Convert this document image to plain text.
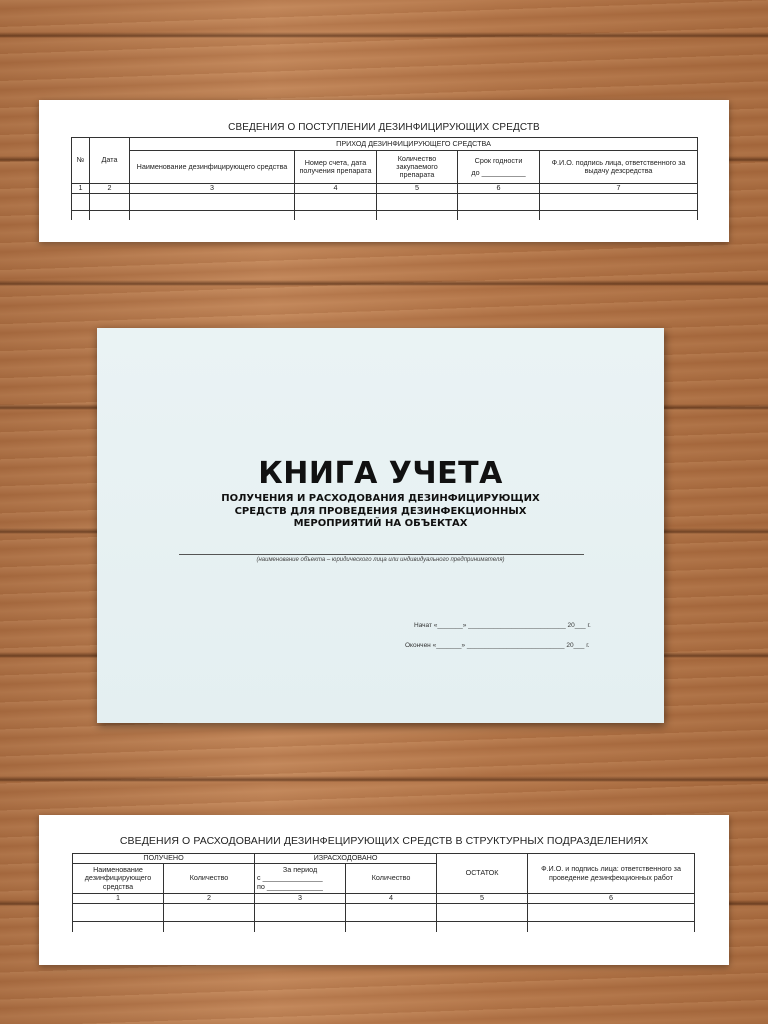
СВЕДЕНИЯ О ПОСТУПЛЕНИИ ДЕЗИНФИЦИРУЮЩИХ СРЕДСТВ
№	Дата	ПРИХОД ДЕЗИНФИЦИРУЮЩЕГО СРЕДСТВА				
		Наименование дезинфицирующего средства	Номер счета, дата получения препарата	Количество закупаемого препарата	Срок годности
до ___________	Ф.И.О. подпись лица, ответственного за выдачу дезсредства
1	2	3	4	5	6	7

КНИГА УЧЕТА
ПОЛУЧЕНИЯ И РАСХОДОВАНИЯ ДЕЗИНФИЦИРУЮЩИХ
СРЕДСТВ ДЛЯ ПРОВЕДЕНИЯ ДЕЗИНФЕКЦИОННЫХ
МЕРОПРИЯТИЙ НА ОБЪЕКТАХ
(наименование объекта – юридического лица или индивидуального предпринимателя)
Начат «_______» ___________________________ 20___ г.
Окончен «_______» ___________________________ 20___ г.
СВЕДЕНИЯ О РАСХОДОВАНИИ ДЕЗИНФЕЦИРУЮЩИХ СРЕДСТВ В СТРУКТУРНЫХ ПОДРАЗДЕЛЕНИЯХ
ПОЛУЧЕНО		ИЗРАСХОДОВАНО		ОСТАТОК	Ф.И.О. и подпись лица: ответственного за проведение дезинфекционных работ
Наименование дезинфицирующего средства	Количество	За период
с _______________
по ______________	Количество		
1	2	3	4	5	6
